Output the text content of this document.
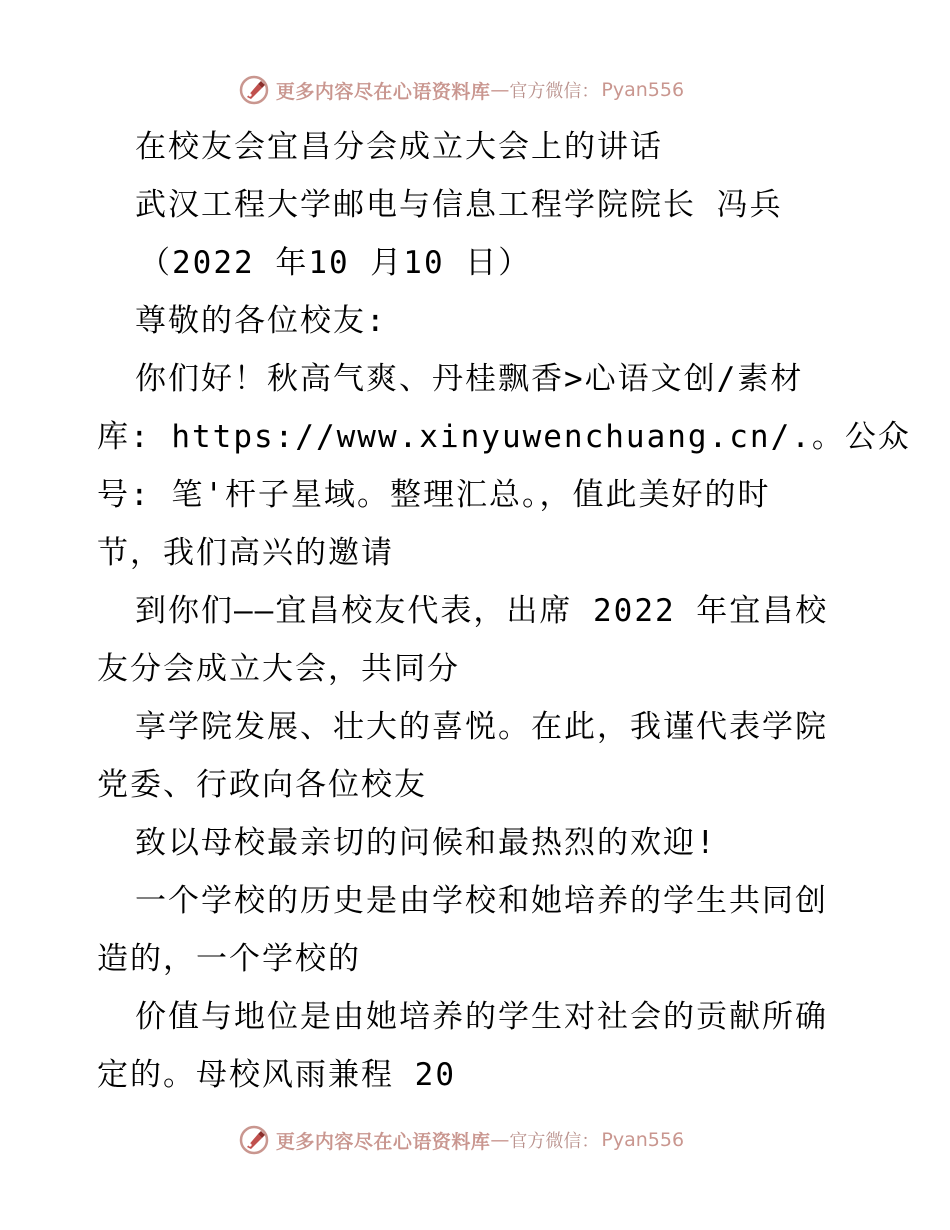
更多内容尽在心语资料库 — 官方微信： Pyan556
在校友会宜昌分会成立大会上的讲话
武汉工程大学邮电与信息工程学院院长 冯兵
（2022 年10 月10 日）
尊敬的各位校友:
你们好！秋高气爽、丹桂飘香>心语文创/素材
库: https://www.xinyuwenchuang.cn/.。公众
号: 笔'杆子星域。整理汇总。，值此美好的时
节，我们高兴的邀请
到你们——宜昌校友代表，出席 2022 年宜昌校
友分会成立大会，共同分
享学院发展、壮大的喜悦。在此，我谨代表学院
党委、行政向各位校友
致以母校最亲切的问候和最热烈的欢迎!
一个学校的历史是由学校和她培养的学生共同创
造的，一个学校的
价值与地位是由她培养的学生对社会的贡献所确
定的。母校风雨兼程 20
更多内容尽在心语资料库 — 官方微信： Pyan556
